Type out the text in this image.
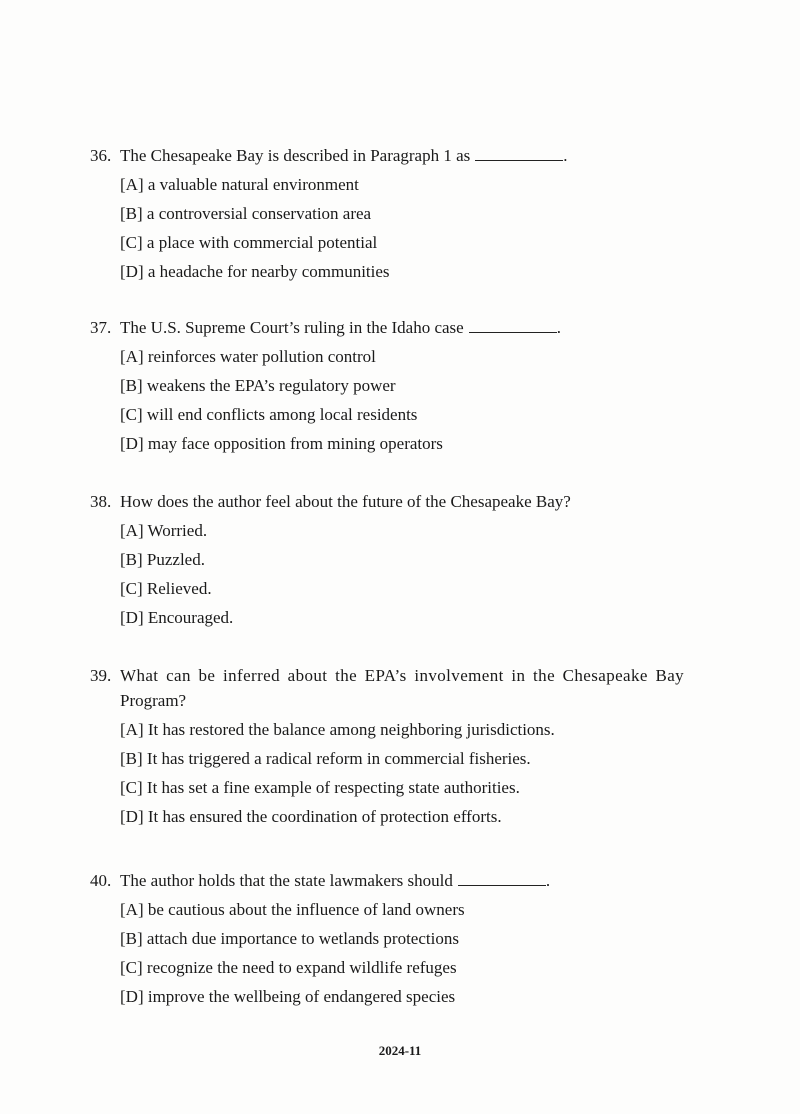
36. The Chesapeake Bay is described in Paragraph 1 as	.
[A] a valuable natural environment
[B] a controversial conservation area
[C] a place with commercial potential
[D] a headache for nearby communities
37. The U.S. Supreme Court’s ruling in the Idaho case	.
[A] reinforces water pollution control
[B] weakens the EPA’s regulatory power
[C] will end conflicts among local residents
[D] may face opposition from mining operators
38. How does the author feel about the future of the Chesapeake Bay?
[A] Worried.
[B] Puzzled.
[C] Relieved.
[D] Encouraged.
39. What can be inferred about the EPA’s involvement in the Chesapeake Bay
Program?
[A] It has restored the balance among neighboring jurisdictions.
[B] It has triggered a radical reform in commercial fisheries.
[C] It has set a fine example of respecting state authorities.
[D] It has ensured the coordination of protection efforts.
40. The author holds that the state lawmakers should	.
[A] be cautious about the influence of land owners
[B] attach due importance to wetlands protections
[C] recognize the need to expand wildlife refuges
[D] improve the wellbeing of endangered species
2024-11
